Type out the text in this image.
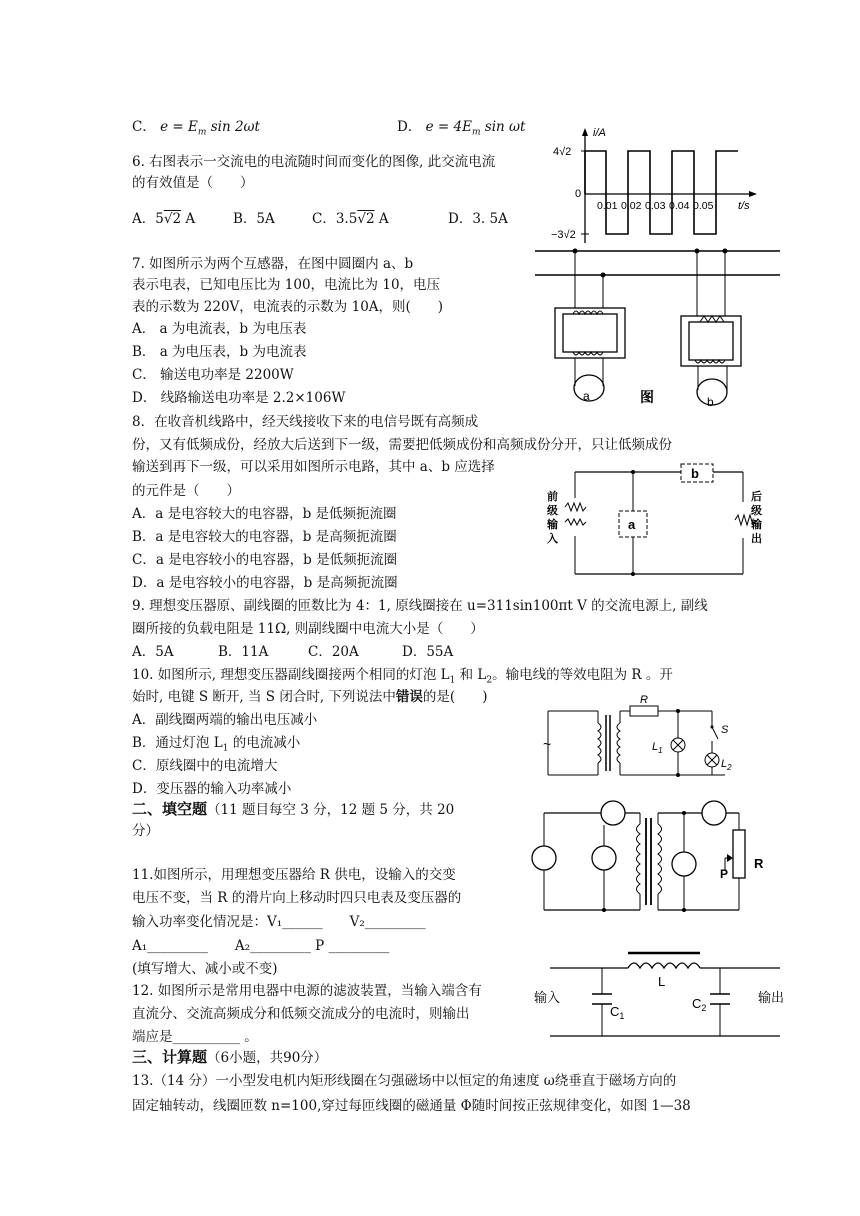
C． $e = E_m$ sin 2ωt	D． $e = 4E_m$ sin ωt
6. 右图表示一交流电的电流随时间而变化的图像, 此交流电流
的有效值是（　　）
A．5√2 A	B．5A	C．3.5√2 A	D．3. 5A
i/A
4√2
−3√2
0
0.01 0.02 0.03 0.04 0.05 t/s
7. 如图所示为两个互感器，在图中圆圈内 a、b
表示电表，已知电压比为 100，电流比为 10，电压
表的示数为 220V，电流表的示数为 10A，则(　　)
A． a 为电流表，b 为电压表
B． a 为电压表，b 为电流表
C． 输送电功率是 2200W
D． 线路输送电功率是 2.2×106W	a	图	b
8．在收音机线路中，经天线接收下来的电信号既有高频成
份，又有低频成份，经放大后送到下一级，需要把低频成份和高频成份分开，只让低频成份
输送到再下一级，可以采用如图所示电路，其中 a、b 应选择
的元件是（　　）
A．a 是电容较大的电容器，b 是低频扼流圈
B．a 是电容较大的电容器，b 是高频扼流圈
C．a 是电容较小的电容器，b 是低频扼流圈
D．a 是电容较小的电容器，b 是高频扼流圈
前
级
输
入
后
级
输
出
b
a
9. 理想变压器原、副线圈的匝数比为 4：1, 原线圈接在 u=311sin100πt V 的交流电源上, 副线
圈所接的负载电阻是 11Ω, 则副线圈中电流大小是（　　）
A．5A	B．11A	C．20A	D．55A
10. 如图所示, 理想变压器副线圈接两个相同的灯泡 $L_1$ 和 $L_2$。输电线的等效电阻为 R 。开
始时, 电键 S 断开, 当 S 闭合时, 下列说法中错误的是(　　)
A．副线圈两端的输出电压减小
B．通过灯泡 $L_1$ 的电流减小
C．原线圈中的电流增大
D．变压器的输入功率减小
~
R
$L_1$
S
$L_2$
二、填空题（11 题目每空 3 分，12 题 5 分，共 20
分）
11.如图所示，用理想变压器给 R 供电，设输入的交变
电压不变，当 R 的滑片向上移动时四只电表及变压器的
输入功率变化情况是：V₁______　　V₂_________
A₁_________　　A₂_________ P _________
(填写增大、减小或不变)
P
R
12. 如图所示是常用电器中电源的滤波装置，当输入端含有
直流分、交流高频成分和低频交流成分的电流时，则输出
端应是__________ 。
L
输入	输出
$C_1$
$C_2$
三、计算题（6小题，共90分）
13.（14 分）一小型发电机内矩形线圈在匀强磁场中以恒定的角速度 ω绕垂直于磁场方向的
固定轴转动，线圈匝数 n=100,穿过每匝线圈的磁通量 Φ随时间按正弦规律变化，如图 1—38
